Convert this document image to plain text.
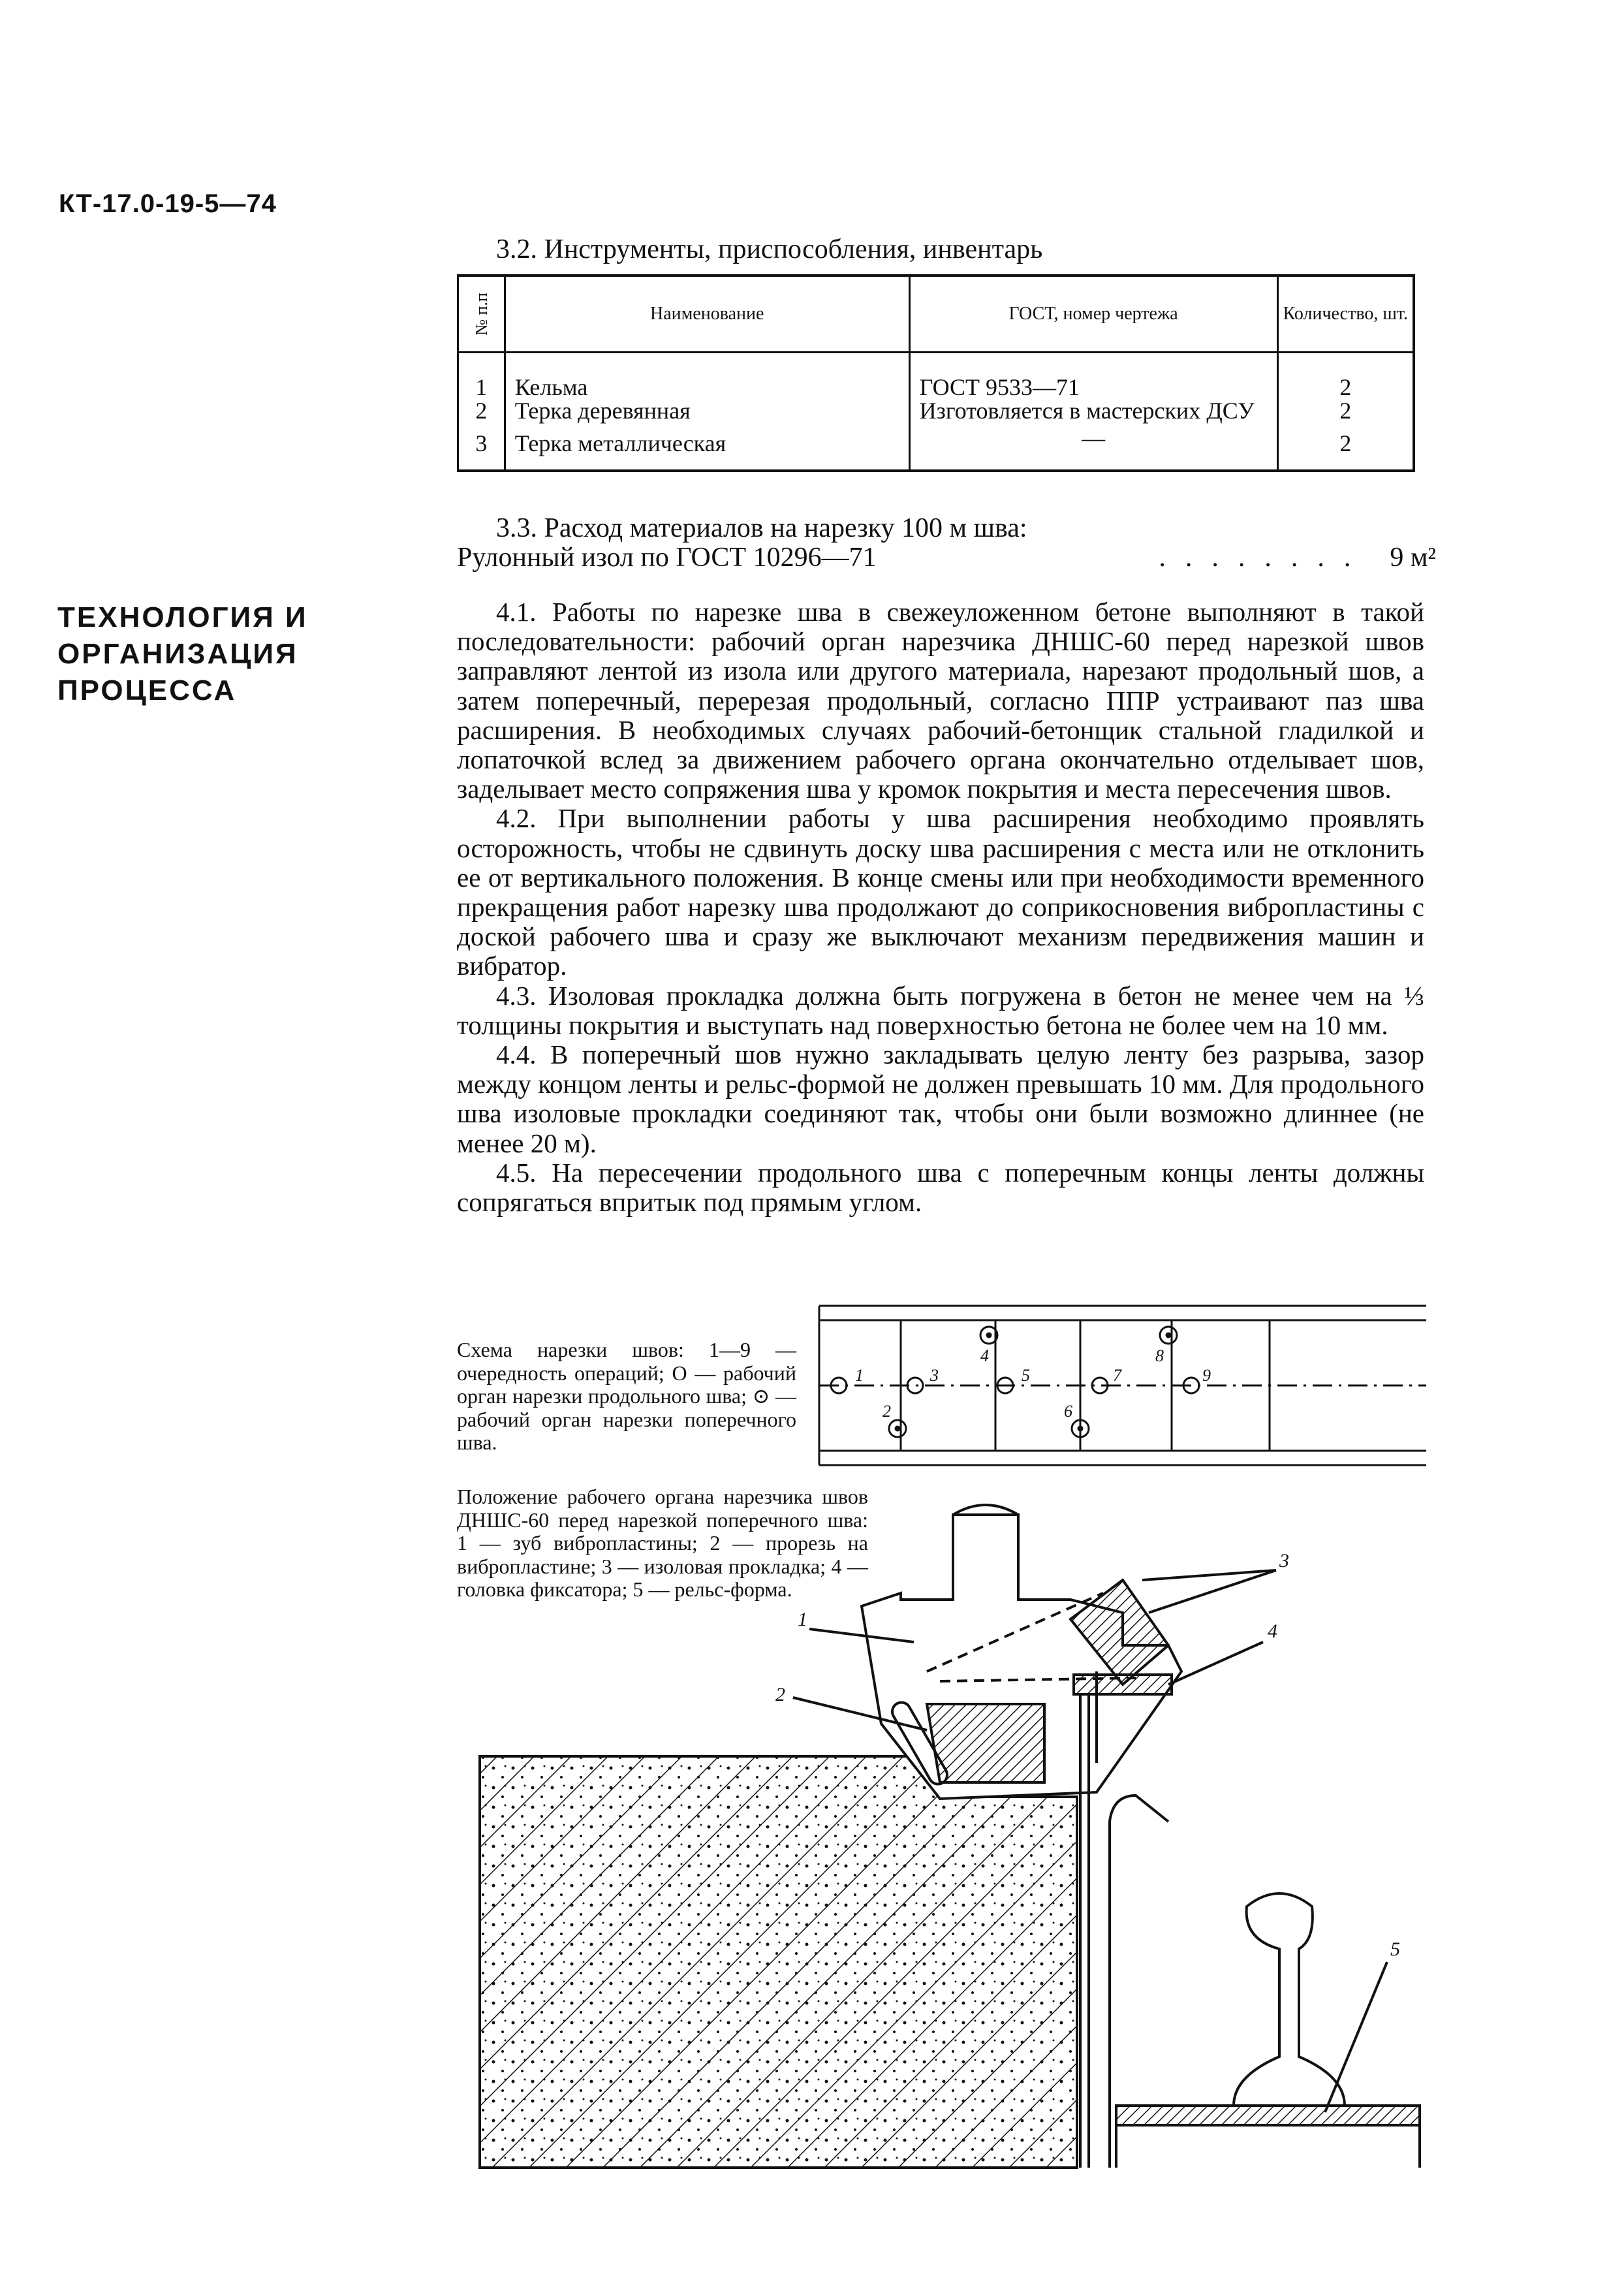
КТ-17.0-19-5—74
3.2. Инструменты, приспособления, инвентарь
№ п.п	Наименование	ГОСТ, номер чертежа	Количество, шт.
1	Кельма	ГОСТ 9533—71	2
2	Терка деревянная	Изготовляется в мастерских ДСУ	2
3	Терка металлическая	—	2
3.3. Расход материалов на нарезку 100 м шва:
Рулонный изол по ГОСТ 10296—71	........ 9 м²
ТЕХНОЛОГИЯ И ОРГАНИЗАЦИЯ ПРОЦЕССА

4.1. Работы по нарезке шва в свежеуложенном бетоне выполняют в такой последовательности: рабочий орган нарезчика ДНШС-60 перед нарезкой швов заправляют лентой из изола или другого материала, нарезают продольный шов, а затем поперечный, перерезая продольный, согласно ППР устраивают паз шва расширения. В необходимых случаях рабочий-бетонщик стальной гладилкой и лопаточкой вслед за движением рабочего органа окончательно отделывает шов, заделывает место сопряжения шва у кромок покрытия и места пересечения швов.

4.2. При выполнении работы у шва расширения необходимо проявлять осторожность, чтобы не сдвинуть доску шва расширения с места или не отклонить ее от вертикального положения. В конце смены или при необходимости временного прекращения работ нарезку шва продолжают до соприкосновения вибропластины с доской рабочего шва и сразу же выключают механизм передвижения машин и вибратор.

4.3. Изоловая прокладка должна быть погружена в бетон не менее чем на ⅓ толщины покрытия и выступать над поверхностью бетона не более чем на 10 мм.

4.4. В поперечный шов нужно закладывать целую ленту без разрыва, зазор между концом ленты и рельс-формой не должен превышать 10 мм. Для продольного шва изоловые прокладки соединяют так, чтобы они были возможно длиннее (не менее 20 м).

4.5. На пересечении продольного шва с поперечным концы ленты должны сопрягаться впритык под прямым углом.

Схема нарезки швов: 1—9 — очередность операций; О — рабочий орган нарезки продольного шва; ⊙ — рабочий орган нарезки поперечного шва.
Положение рабочего органа нарезчика швов ДНШС-60 перед нарезкой поперечного шва: 1 — зуб вибропластины; 2 — прорезь на вибропластине; 3 — изоловая прокладка; 4 — головка фиксатора; 5 — рельс-форма.
1
2
3
4
5
6
7
8
9
1
2
3
4
5
